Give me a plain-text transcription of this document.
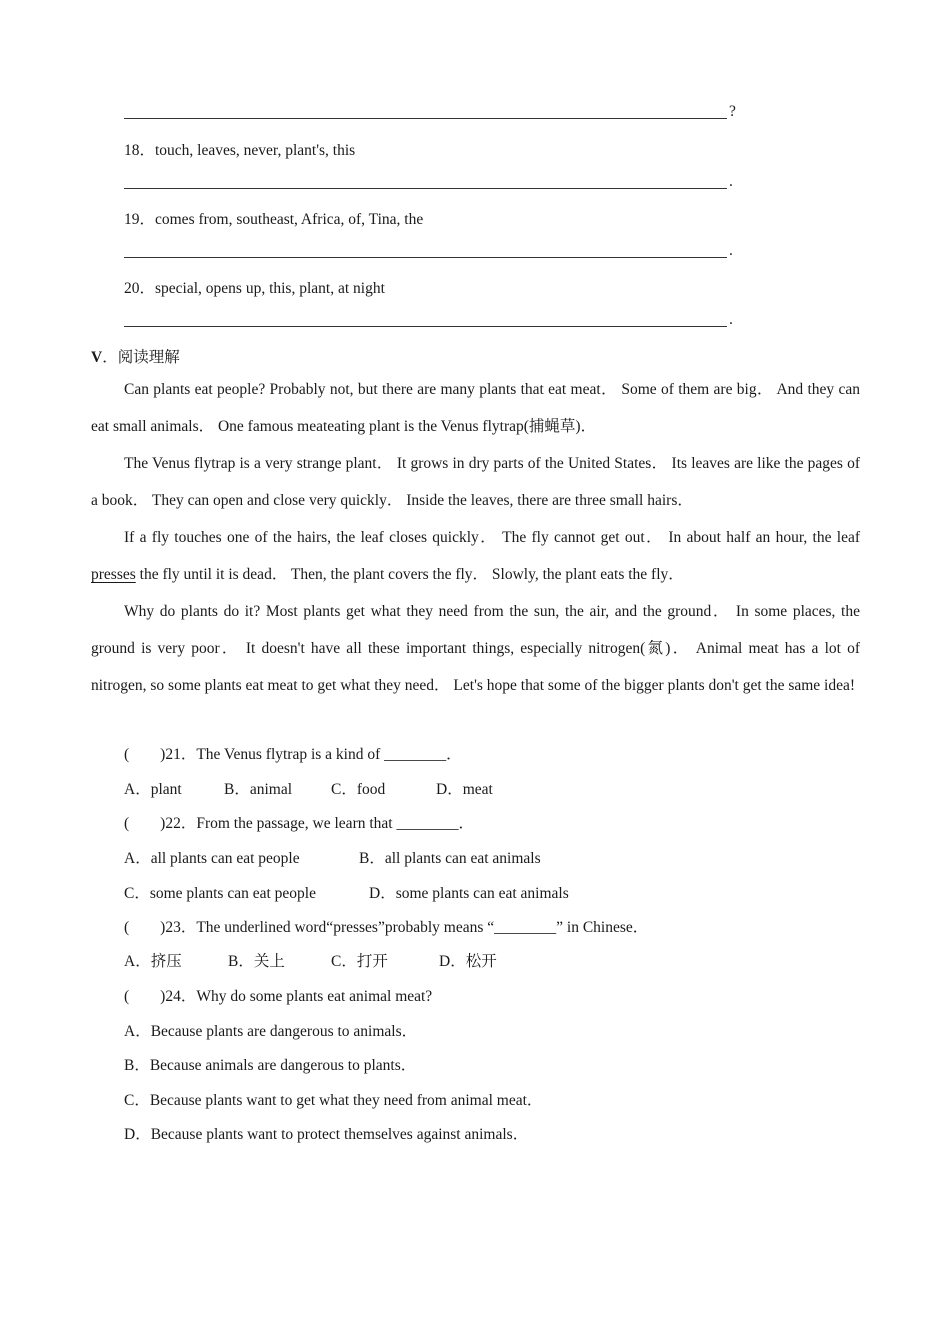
?
18．touch, leaves, never, plant's, this
.
19．comes from, southeast, Africa, of, Tina, the
.
20．special, opens up, this, plant, at night
.
V．阅读理解

Can plants eat people? Probably not, but there are many plants that eat meat． Some of them are big． And they can eat small animals． One famous meateating plant is the Venus flytrap(捕蝇草)．

The Venus flytrap is a very strange plant． It grows in dry parts of the United States． Its leaves are like the pages of a book． They can open and close very quickly． Inside the leaves, there are three small hairs．

If a fly touches one of the hairs, the leaf closes quickly． The fly cannot get out． In about half an hour, the leaf presses the fly until it is dead． Then, the plant covers the fly． Slowly, the plant eats the fly．

Why do plants do it? Most plants get what they need from the sun, the air, and the ground． In some places, the ground is very poor． It doesn't have all these important things, especially nitrogen(氮)． Animal meat has a lot of nitrogen, so some plants eat meat to get what they need． Let's hope that some of the bigger plants don't get the same idea!

(　　)21．The Venus flytrap is a kind of ________．
A．plant	B．animal	C．food	D．meat
(　　)22．From the passage, we learn that ________．
A．all plants can eat people	B．all plants can eat animals
C．some plants can eat people	D．some plants can eat animals
(　　)23．The underlined word“presses”probably means “________” in Chinese．
A．挤压	B．关上	C．打开	D．松开
(　　)24．Why do some plants eat animal meat?
A．Because plants are dangerous to animals．
B．Because animals are dangerous to plants．
C．Because plants want to get what they need from animal meat．
D．Because plants want to protect themselves against animals．
